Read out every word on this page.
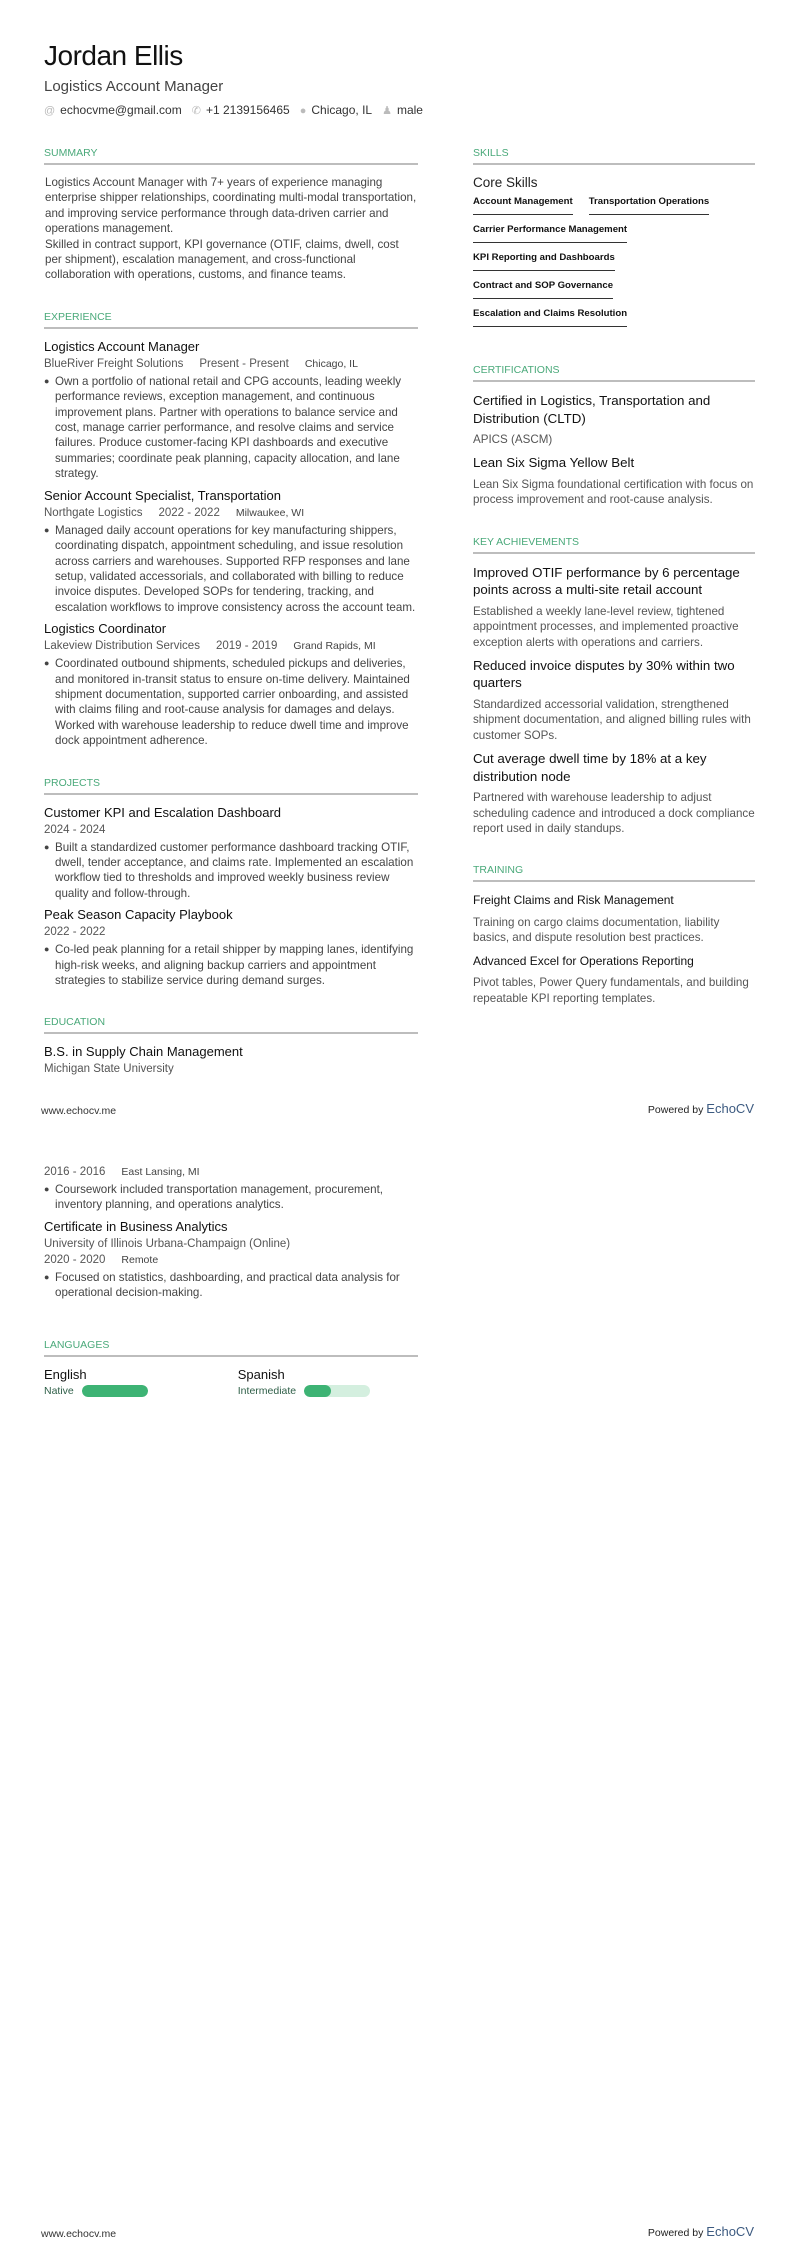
Jordan Ellis
Logistics Account Manager
@ echocvme@gmail.com ✆ +1 2139156465 ● Chicago, IL ♟ male
SUMMARY
Logistics Account Manager with 7+ years of experience managing enterprise shipper relationships, coordinating multi-modal transportation, and improving service performance through data-driven carrier and operations management.
Skilled in contract support, KPI governance (OTIF, claims, dwell, cost per shipment), escalation management, and cross-functional collaboration with operations, customs, and finance teams.
EXPERIENCE
Logistics Account Manager
BlueRiver Freight Solutions Present - Present Chicago, IL
● Own a portfolio of national retail and CPG accounts, leading weekly performance reviews, exception management, and continuous improvement plans. Partner with operations to balance service and cost, manage carrier performance, and resolve claims and service failures. Produce customer-facing KPI dashboards and executive summaries; coordinate peak planning, capacity allocation, and lane strategy.
Senior Account Specialist, Transportation
Northgate Logistics 2022 - 2022 Milwaukee, WI
● Managed daily account operations for key manufacturing shippers, coordinating dispatch, appointment scheduling, and issue resolution across carriers and warehouses. Supported RFP responses and lane setup, validated accessorials, and collaborated with billing to reduce invoice disputes. Developed SOPs for tendering, tracking, and escalation workflows to improve consistency across the account team.
Logistics Coordinator
Lakeview Distribution Services 2019 - 2019 Grand Rapids, MI
● Coordinated outbound shipments, scheduled pickups and deliveries, and monitored in-transit status to ensure on-time delivery. Maintained shipment documentation, supported carrier onboarding, and assisted with claims filing and root-cause analysis for damages and delays. Worked with warehouse leadership to reduce dwell time and improve dock appointment adherence.
PROJECTS
Customer KPI and Escalation Dashboard
2024 - 2024
● Built a standardized customer performance dashboard tracking OTIF, dwell, tender acceptance, and claims rate. Implemented an escalation workflow tied to thresholds and improved weekly business review quality and follow-through.
Peak Season Capacity Playbook
2022 - 2022
● Co-led peak planning for a retail shipper by mapping lanes, identifying high-risk weeks, and aligning backup carriers and appointment strategies to stabilize service during demand surges.
EDUCATION
B.S. in Supply Chain Management
Michigan State University
SKILLS
Core Skills
Account Management Transportation Operations
Carrier Performance Management
KPI Reporting and Dashboards
Contract and SOP Governance
Escalation and Claims Resolution
CERTIFICATIONS
Certified in Logistics, Transportation and Distribution (CLTD)
APICS (ASCM)
Lean Six Sigma Yellow Belt
Lean Six Sigma foundational certification with focus on process improvement and root-cause analysis.
KEY ACHIEVEMENTS
Improved OTIF performance by 6 percentage points across a multi-site retail account
Established a weekly lane-level review, tightened appointment processes, and implemented proactive exception alerts with operations and carriers.
Reduced invoice disputes by 30% within two quarters
Standardized accessorial validation, strengthened shipment documentation, and aligned billing rules with customer SOPs.
Cut average dwell time by 18% at a key distribution node
Partnered with warehouse leadership to adjust scheduling cadence and introduced a dock compliance report used in daily standups.
TRAINING
Freight Claims and Risk Management
Training on cargo claims documentation, liability basics, and dispute resolution best practices.
Advanced Excel for Operations Reporting
Pivot tables, Power Query fundamentals, and building repeatable KPI reporting templates.
www.echocv.me	Powered by EchoCV
2016 - 2016 East Lansing, MI
● Coursework included transportation management, procurement, inventory planning, and operations analytics.
Certificate in Business Analytics
University of Illinois Urbana-Champaign (Online)
2020 - 2020 Remote
● Focused on statistics, dashboarding, and practical data analysis for operational decision-making.
LANGUAGES
English
Native
Spanish
Intermediate
www.echocv.me	Powered by EchoCV
